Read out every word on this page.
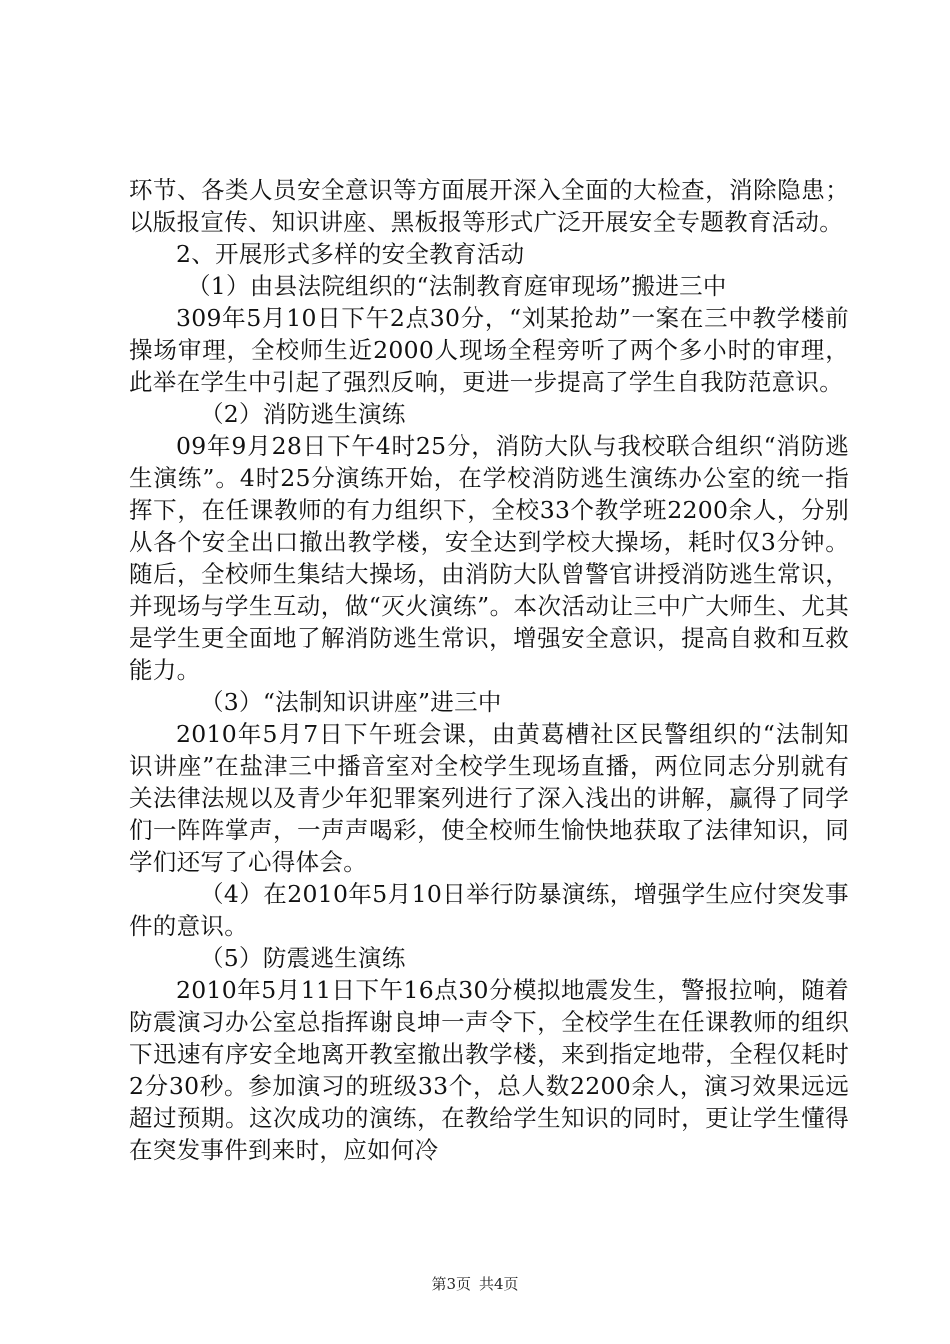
环节、各类人员安全意识等方面展开深入全面的大检查，消除隐患；以版报宣传、知识讲座、黑板报等形式广泛开展安全专题教育活动。

2、开展形式多样的安全教育活动

（1）由县法院组织的“法制教育庭审现场”搬进三中

309年5月10日下午2点30分，“刘某抢劫”一案在三中教学楼前操场审理，全校师生近2000人现场全程旁听了两个多小时的审理，此举在学生中引起了强烈反响，更进一步提高了学生自我防范意识。

（2）消防逃生演练

09年9月28日下午4时25分，消防大队与我校联合组织“消防逃生演练”。4时25分演练开始，在学校消防逃生演练办公室的统一指挥下，在任课教师的有力组织下，全校33个教学班2200余人，分别从各个安全出口撤出教学楼，安全达到学校大操场，耗时仅3分钟。随后，全校师生集结大操场，由消防大队曾警官讲授消防逃生常识，并现场与学生互动，做“灭火演练”。本次活动让三中广大师生、尤其是学生更全面地了解消防逃生常识，增强安全意识，提高自救和互救能力。

（3）“法制知识讲座”进三中

2010年5月7日下午班会课，由黄葛槽社区民警组织的“法制知识讲座”在盐津三中播音室对全校学生现场直播，两位同志分别就有关法律法规以及青少年犯罪案列进行了深入浅出的讲解，赢得了同学们一阵阵掌声，一声声喝彩，使全校师生愉快地获取了法律知识，同学们还写了心得体会。

（4）在2010年5月10日举行防暴演练，增强学生应付突发事件的意识。

（5）防震逃生演练

2010年5月11日下午16点30分模拟地震发生，警报拉响，随着防震演习办公室总指挥谢良坤一声令下，全校学生在任课教师的组织下迅速有序安全地离开教室撤出教学楼，来到指定地带，全程仅耗时2分30秒。参加演习的班级33个，总人数2200余人，演习效果远远超过预期。这次成功的演练，在教给学生知识的同时，更让学生懂得在突发事件到来时，应如何冷

第3页 共4页
